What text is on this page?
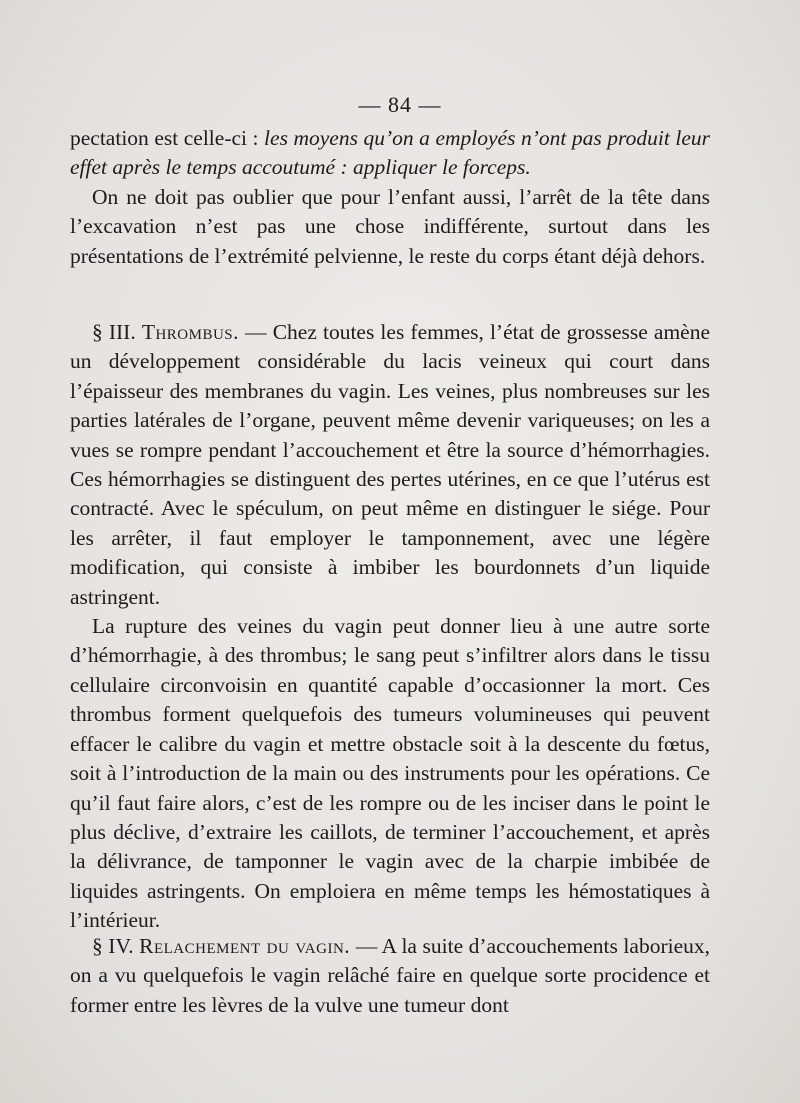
— 84 —

pectation est celle-ci : les moyens qu’on a employés n’ont pas produit leur effet après le temps accoutumé : appliquer le forceps.

On ne doit pas oublier que pour l’enfant aussi, l’arrêt de la tête dans l’excavation n’est pas une chose indifférente, surtout dans les présentations de l’extrémité pelvienne, le reste du corps étant déjà dehors.

§ III. Thrombus. — Chez toutes les femmes, l’état de grossesse amène un développement considérable du lacis veineux qui court dans l’épaisseur des membranes du vagin. Les veines, plus nombreuses sur les parties latérales de l’organe, peuvent même devenir variqueuses; on les a vues se rompre pendant l’accouchement et être la source d’hémorrhagies. Ces hémorrhagies se distinguent des pertes utérines, en ce que l’utérus est contracté. Avec le spéculum, on peut même en distinguer le siége. Pour les arrêter, il faut employer le tamponnement, avec une légère modification, qui consiste à imbiber les bourdonnets d’un liquide astringent.

La rupture des veines du vagin peut donner lieu à une autre sorte d’hémorrhagie, à des thrombus; le sang peut s’infiltrer alors dans le tissu cellulaire circonvoisin en quantité capable d’occasionner la mort. Ces thrombus forment quelquefois des tumeurs volumineuses qui peuvent effacer le calibre du vagin et mettre obstacle soit à la descente du fœtus, soit à l’introduction de la main ou des instruments pour les opérations. Ce qu’il faut faire alors, c’est de les rompre ou de les inciser dans le point le plus déclive, d’extraire les caillots, de terminer l’accouchement, et après la délivrance, de tamponner le vagin avec de la charpie imbibée de liquides astringents. On emploiera en même temps les hémostatiques à l’intérieur.

§ IV. Relachement du vagin. — A la suite d’accouchements laborieux, on a vu quelquefois le vagin relâché faire en quelque sorte procidence et former entre les lèvres de la vulve une tumeur dont
